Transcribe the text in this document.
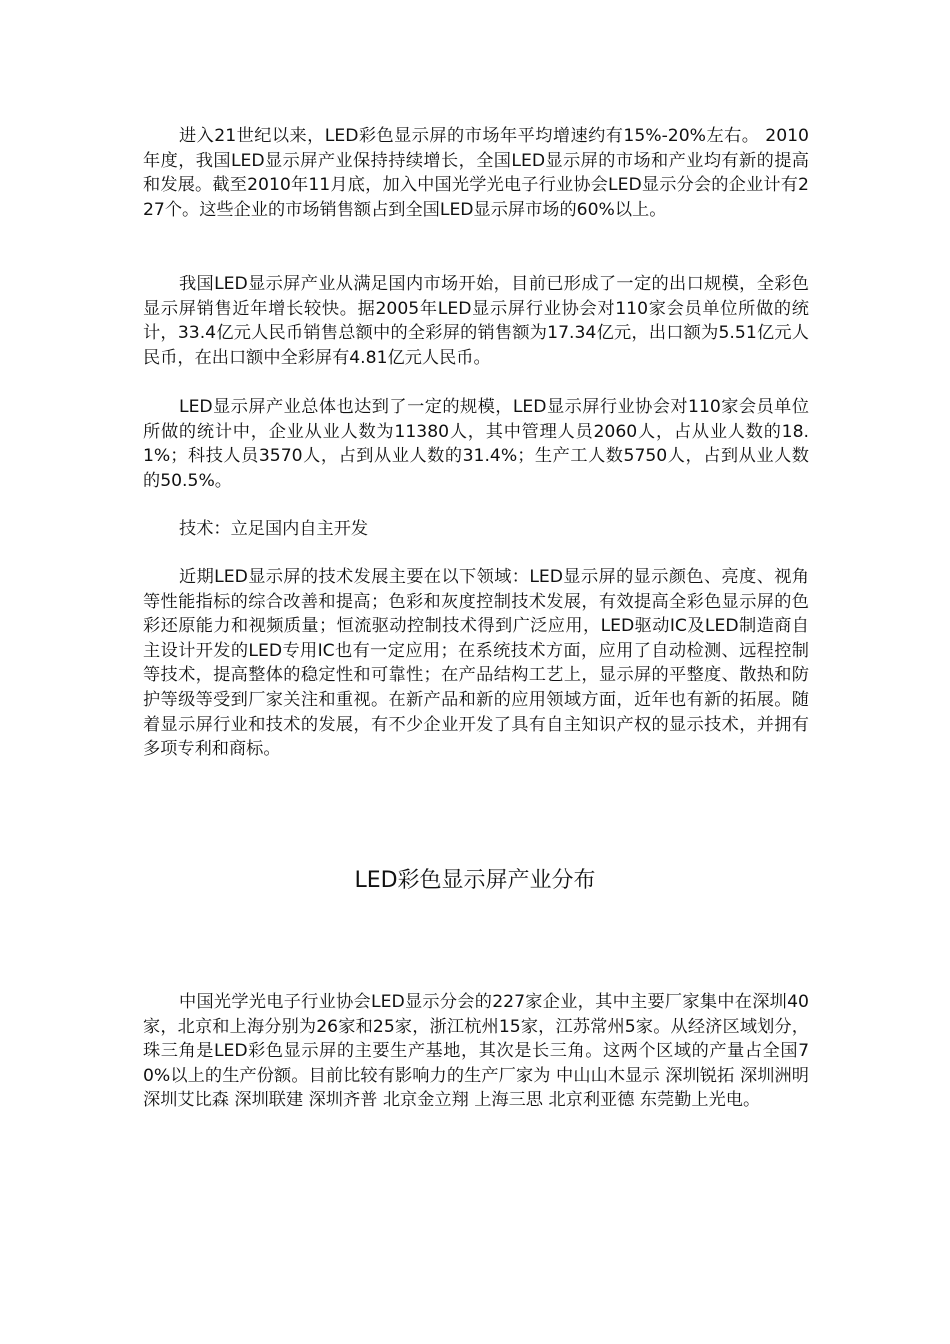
进入21世纪以来，LED彩色显示屏的市场年平均增速约有15%-20%左右。 2010年度，我国LED显示屏产业保持持续增长，全国LED显示屏的市场和产业均有新的提高和发展。截至2010年11月底，加入中国光学光电子行业协会LED显示分会的企业计有227个。这些企业的市场销售额占到全国LED显示屏市场的60%以上。

我国LED显示屏产业从满足国内市场开始，目前已形成了一定的出口规模，全彩色显示屏销售近年增长较快。据2005年LED显示屏行业协会对110家会员单位所做的统计，33.4亿元人民币销售总额中的全彩屏的销售额为17.34亿元，出口额为5.51亿元人民币，在出口额中全彩屏有4.81亿元人民币。

LED显示屏产业总体也达到了一定的规模，LED显示屏行业协会对110家会员单位所做的统计中，企业从业人数为11380人，其中管理人员2060人，占从业人数的18.1%；科技人员3570人，占到从业人数的31.4%；生产工人数5750人，占到从业人数的50.5%。

技术：立足国内自主开发

近期LED显示屏的技术发展主要在以下领域：LED显示屏的显示颜色、亮度、视角等性能指标的综合改善和提高；色彩和灰度控制技术发展，有效提高全彩色显示屏的色彩还原能力和视频质量；恒流驱动控制技术得到广泛应用，LED驱动IC及LED制造商自主设计开发的LED专用IC也有一定应用；在系统技术方面，应用了自动检测、远程控制等技术，提高整体的稳定性和可靠性；在产品结构工艺上，显示屏的平整度、散热和防护等级等受到厂家关注和重视。在新产品和新的应用领域方面，近年也有新的拓展。随着显示屏行业和技术的发展，有不少企业开发了具有自主知识产权的显示技术，并拥有多项专利和商标。

LED彩色显示屏产业分布

中国光学光电子行业协会LED显示分会的227家企业，其中主要厂家集中在深圳40家，北京和上海分别为26家和25家，浙江杭州15家，江苏常州5家。从经济区域划分，珠三角是LED彩色显示屏的主要生产基地，其次是长三角。这两个区域的产量占全国70%以上的生产份额。目前比较有影响力的生产厂家为 中山山木显示 深圳锐拓 深圳洲明 深圳艾比森 深圳联建 深圳齐普 北京金立翔 上海三思 北京利亚德 东莞勤上光电。
